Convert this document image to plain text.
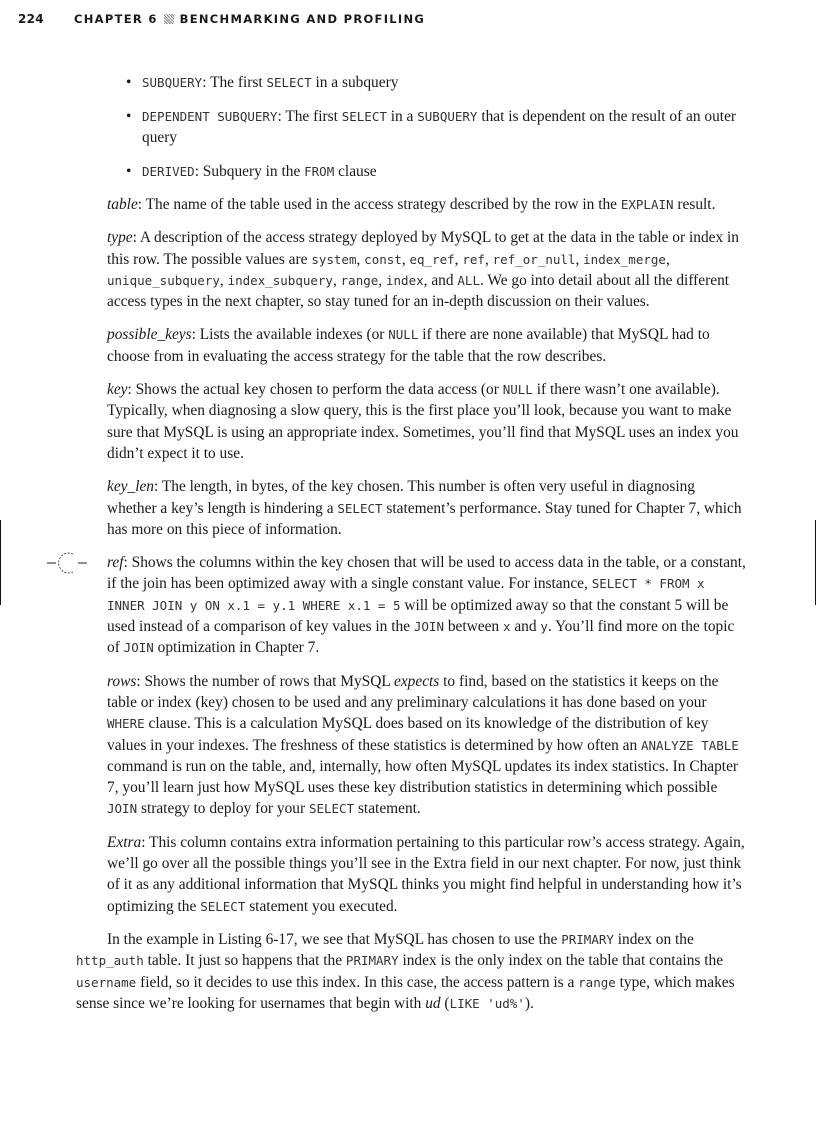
224	CHAPTER 6 BENCHMARKING AND PROFILING
• SUBQUERY: The first SELECT in a subquery
• DEPENDENT SUBQUERY: The first SELECT in a SUBQUERY that is dependent on the result of an outer query
• DERIVED: Subquery in the FROM clause

table: The name of the table used in the access strategy described by the row in the EXPLAIN result.

type: A description of the access strategy deployed by MySQL to get at the data in the table or index in this row. The possible values are system, const, eq_ref, ref, ref_or_null, index_merge, unique_subquery, index_subquery, range, index, and ALL. We go into detail about all the different access types in the next chapter, so stay tuned for an in-depth discussion on their values.

possible_keys: Lists the available indexes (or NULL if there are none available) that MySQL had to choose from in evaluating the access strategy for the table that the row describes.

key: Shows the actual key chosen to perform the data access (or NULL if there wasn’t one available). Typically, when diagnosing a slow query, this is the first place you’ll look, because you want to make sure that MySQL is using an appropriate index. Sometimes, you’ll find that MySQL uses an index you didn’t expect it to use.

key_len: The length, in bytes, of the key chosen. This number is often very useful in diagnosing whether a key’s length is hindering a SELECT statement’s performance. Stay tuned for Chapter 7, which has more on this piece of information.

ref: Shows the columns within the key chosen that will be used to access data in the table, or a constant, if the join has been optimized away with a single constant value. For instance, SELECT * FROM x INNER JOIN y ON x.1 = y.1 WHERE x.1 = 5 will be optimized away so that the constant 5 will be used instead of a comparison of key values in the JOIN between x and y. You’ll find more on the topic of JOIN optimization in Chapter 7.

rows: Shows the number of rows that MySQL expects to find, based on the statistics it keeps on the table or index (key) chosen to be used and any preliminary calculations it has done based on your WHERE clause. This is a calculation MySQL does based on its knowledge of the distribution of key values in your indexes. The freshness of these statistics is determined by how often an ANALYZE TABLE command is run on the table, and, internally, how often MySQL updates its index statistics. In Chapter 7, you’ll learn just how MySQL uses these key distribution statistics in determining which possible JOIN strategy to deploy for your SELECT statement.

Extra: This column contains extra information pertaining to this particular row’s access strategy. Again, we’ll go over all the possible things you’ll see in the Extra field in our next chapter. For now, just think of it as any additional information that MySQL thinks you might find helpful in understanding how it’s optimizing the SELECT statement you executed.

In the example in Listing 6-17, we see that MySQL has chosen to use the PRIMARY index on the http_auth table. It just so happens that the PRIMARY index is the only index on the table that contains the username field, so it decides to use this index. In this case, the access pattern is a range type, which makes sense since we’re looking for usernames that begin with ud (LIKE 'ud%').
